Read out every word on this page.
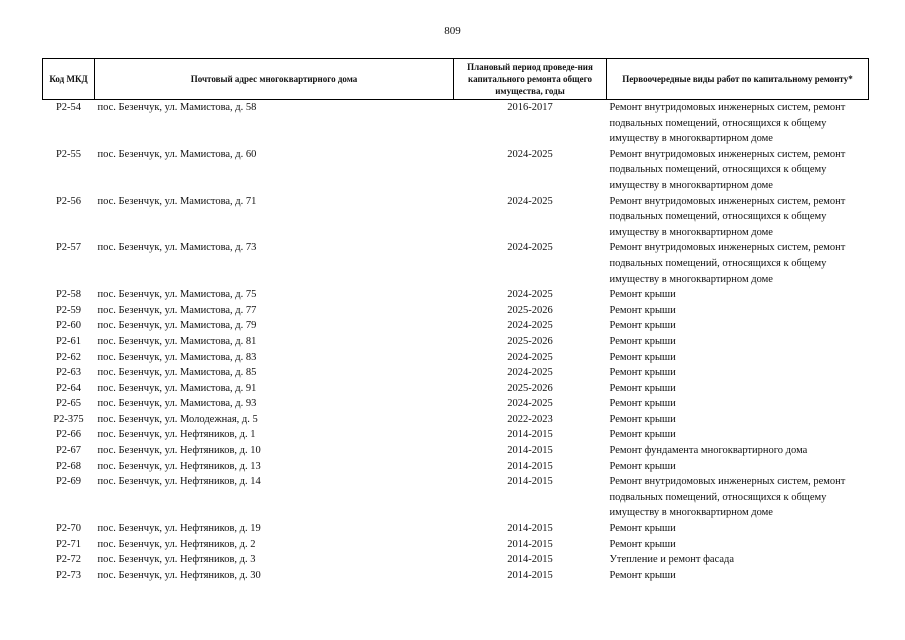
809
Код МКД	Почтовый адрес многоквартирного дома	Плановый период проведе-ния капитального ремонта общего имущества, годы	Первоочередные виды работ по капитальному ремонту*
Р2-54	пос. Безенчук, ул. Мамистова, д. 58	2016-2017	Ремонт внутридомовых инженерных систем, ремонт подвальных помещений, относящихся к общему имуществу в многоквартирном доме
Р2-55	пос. Безенчук, ул. Мамистова, д. 60	2024-2025	Ремонт внутридомовых инженерных систем, ремонт подвальных помещений, относящихся к общему имуществу в многоквартирном доме
Р2-56	пос. Безенчук, ул. Мамистова, д. 71	2024-2025	Ремонт внутридомовых инженерных систем, ремонт подвальных помещений, относящихся к общему имуществу в многоквартирном доме
Р2-57	пос. Безенчук, ул. Мамистова, д. 73	2024-2025	Ремонт внутридомовых инженерных систем, ремонт подвальных помещений, относящихся к общему имуществу в многоквартирном доме
Р2-58	пос. Безенчук, ул. Мамистова, д. 75	2024-2025	Ремонт крыши
Р2-59	пос. Безенчук, ул. Мамистова, д. 77	2025-2026	Ремонт крыши
Р2-60	пос. Безенчук, ул. Мамистова, д. 79	2024-2025	Ремонт крыши
Р2-61	пос. Безенчук, ул. Мамистова, д. 81	2025-2026	Ремонт крыши
Р2-62	пос. Безенчук, ул. Мамистова, д. 83	2024-2025	Ремонт крыши
Р2-63	пос. Безенчук, ул. Мамистова, д. 85	2024-2025	Ремонт крыши
Р2-64	пос. Безенчук, ул. Мамистова, д. 91	2025-2026	Ремонт крыши
Р2-65	пос. Безенчук, ул. Мамистова, д. 93	2024-2025	Ремонт крыши
Р2-375	пос. Безенчук, ул. Молодежная, д. 5	2022-2023	Ремонт крыши
Р2-66	пос. Безенчук, ул. Нефтяников, д. 1	2014-2015	Ремонт крыши
Р2-67	пос. Безенчук, ул. Нефтяников, д. 10	2014-2015	Ремонт фундамента многоквартирного дома
Р2-68	пос. Безенчук, ул. Нефтяников, д. 13	2014-2015	Ремонт крыши
Р2-69	пос. Безенчук, ул. Нефтяников, д. 14	2014-2015	Ремонт внутридомовых инженерных систем, ремонт подвальных помещений, относящихся к общему имуществу в многоквартирном доме
Р2-70	пос. Безенчук, ул. Нефтяников, д. 19	2014-2015	Ремонт крыши
Р2-71	пос. Безенчук, ул. Нефтяников, д. 2	2014-2015	Ремонт крыши
Р2-72	пос. Безенчук, ул. Нефтяников, д. 3	2014-2015	Утепление и ремонт фасада
Р2-73	пос. Безенчук, ул. Нефтяников, д. 30	2014-2015	Ремонт крыши
